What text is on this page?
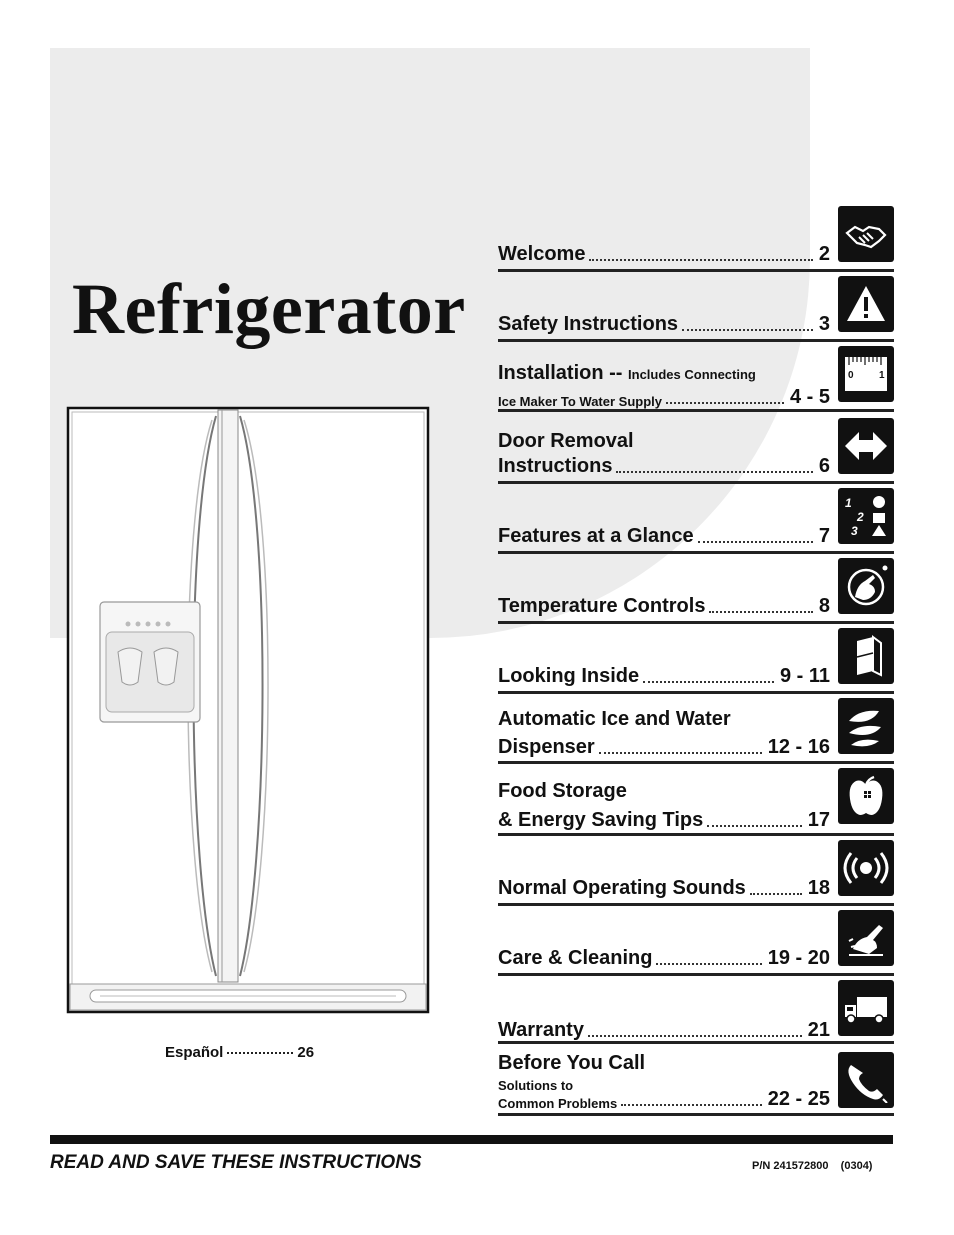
Refrigerator
Español	26
Welcome	2
Safety Instructions	3
0	1
Installation -- Includes Connecting
Ice Maker To Water Supply	4 - 5
Door Removal
Instructions	6
1
2
3
Features at a Glance	7
Temperature Controls	8
Looking Inside	9 - 11
Automatic Ice and Water
Dispenser	12 - 16
Food Storage
& Energy Saving Tips	17
Normal Operating Sounds	18
Care & Cleaning	19 - 20
Warranty	21
Before You Call
Solutions to
Common Problems	22 - 25
READ AND SAVE THESE INSTRUCTIONS	P/N 241572800    (0304)
